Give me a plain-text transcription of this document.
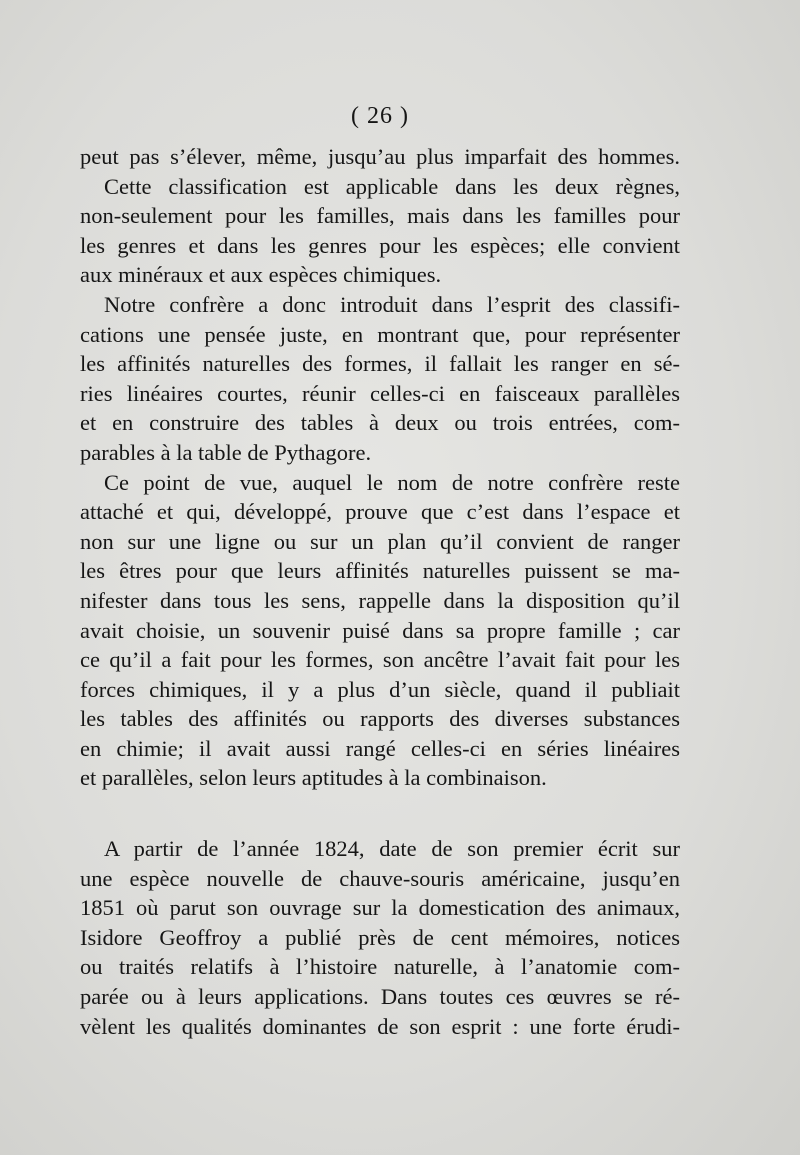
( 26 )
peut pas s’élever, même, jusqu’au plus imparfait des hommes.
Cette classification est applicable dans les deux règnes,
non-seulement pour les familles, mais dans les familles pour
les genres et dans les genres pour les espèces; elle convient
aux minéraux et aux espèces chimiques.
Notre confrère a donc introduit dans l’esprit des classifi-
cations une pensée juste, en montrant que, pour représenter
les affinités naturelles des formes, il fallait les ranger en sé-
ries linéaires courtes, réunir celles-ci en faisceaux parallèles
et en construire des tables à deux ou trois entrées, com-
parables à la table de Pythagore.
Ce point de vue, auquel le nom de notre confrère reste
attaché et qui, développé, prouve que c’est dans l’espace et
non sur une ligne ou sur un plan qu’il convient de ranger
les êtres pour que leurs affinités naturelles puissent se ma-
nifester dans tous les sens, rappelle dans la disposition qu’il
avait choisie, un souvenir puisé dans sa propre famille ; car
ce qu’il a fait pour les formes, son ancêtre l’avait fait pour les
forces chimiques, il y a plus d’un siècle, quand il publiait
les tables des affinités ou rapports des diverses substances
en chimie; il avait aussi rangé celles-ci en séries linéaires
et parallèles, selon leurs aptitudes à la combinaison.
A partir de l’année 1824, date de son premier écrit sur
une espèce nouvelle de chauve-souris américaine, jusqu’en
1851 où parut son ouvrage sur la domestication des animaux,
Isidore Geoffroy a publié près de cent mémoires, notices
ou traités relatifs à l’histoire naturelle, à l’anatomie com-
parée ou à leurs applications. Dans toutes ces œuvres se ré-
vèlent les qualités dominantes de son esprit : une forte érudi-
